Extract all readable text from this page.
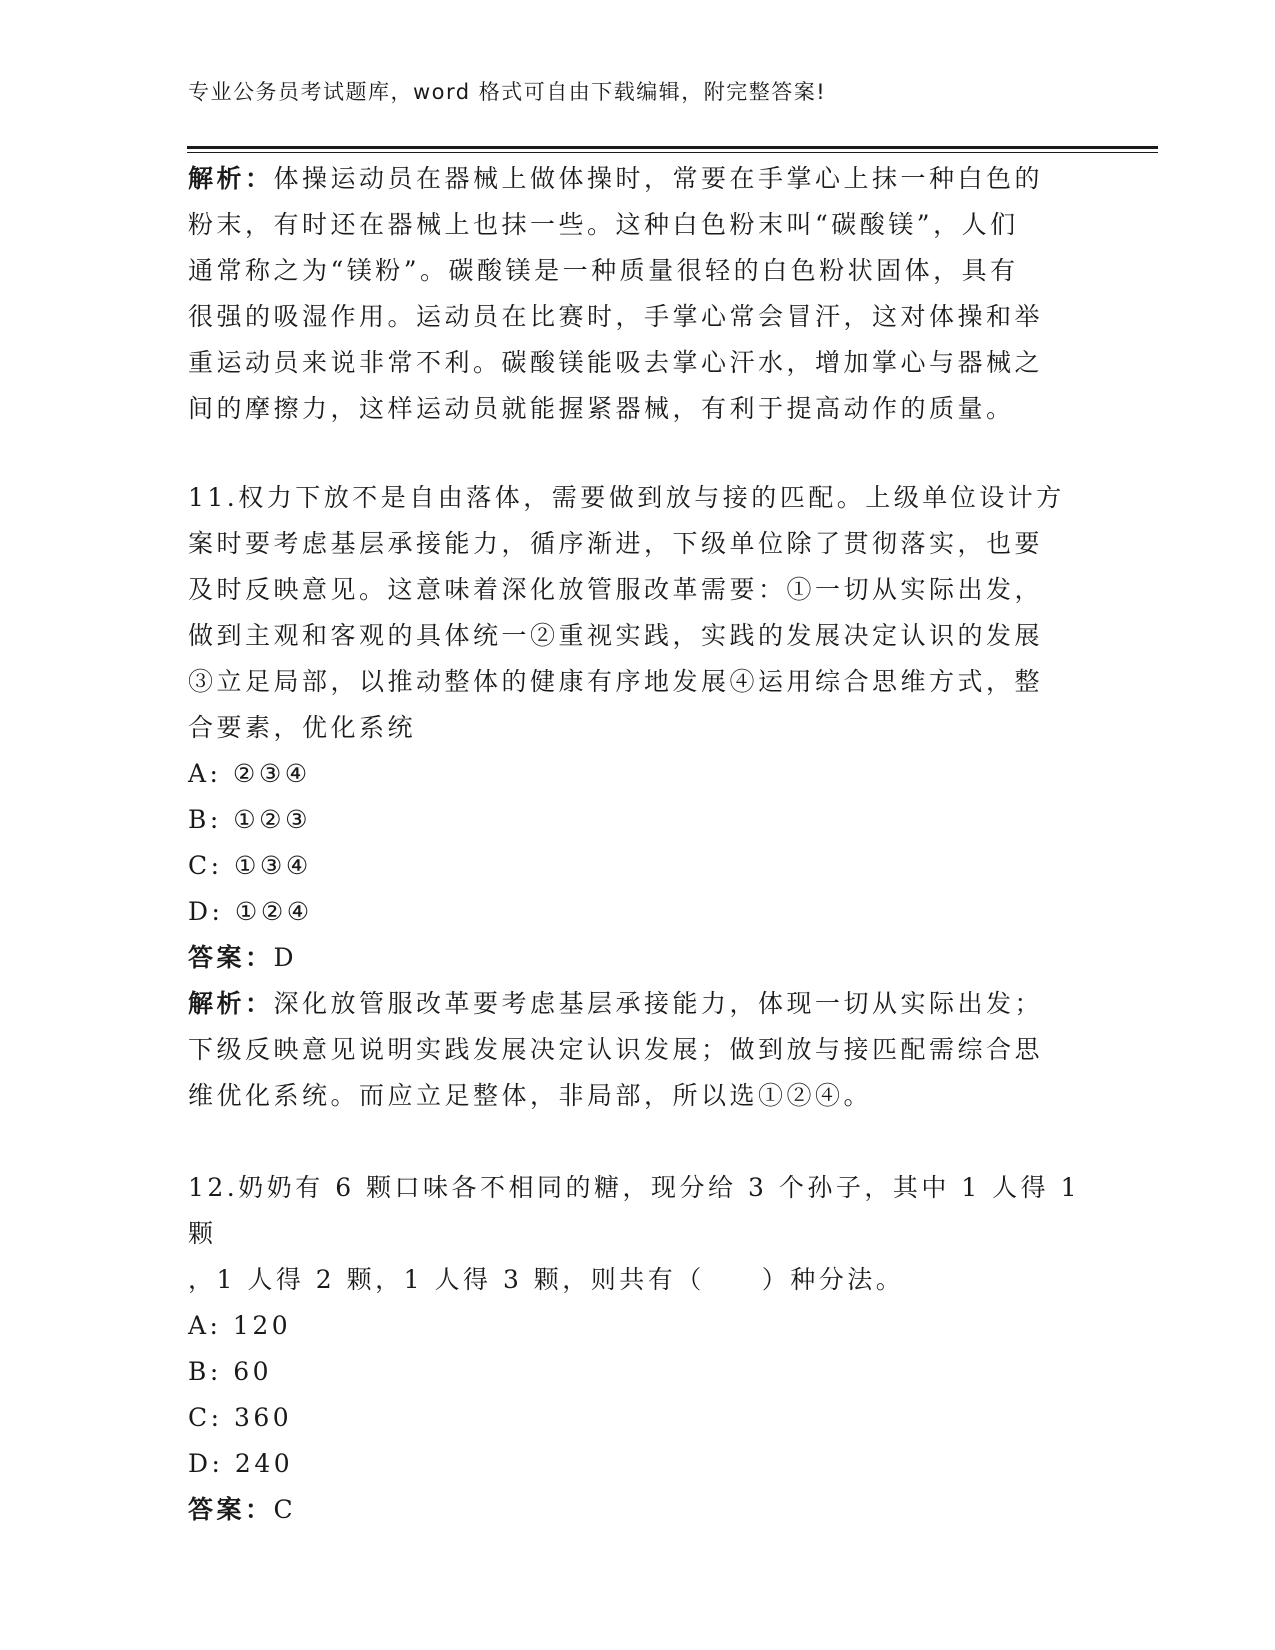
专业公务员考试题库，word 格式可自由下载编辑，附完整答案!

解析：体操运动员在器械上做体操时，常要在手掌心上抹一种白色的

粉末，有时还在器械上也抹一些。这种白色粉末叫“碳酸镁”，人们

通常称之为“镁粉”。碳酸镁是一种质量很轻的白色粉状固体，具有

很强的吸湿作用。运动员在比赛时，手掌心常会冒汗，这对体操和举

重运动员来说非常不利。碳酸镁能吸去掌心汗水，增加掌心与器械之

间的摩擦力，这样运动员就能握紧器械，有利于提高动作的质量。

11.权力下放不是自由落体，需要做到放与接的匹配。上级单位设计方

案时要考虑基层承接能力，循序渐进，下级单位除了贯彻落实，也要

及时反映意见。这意味着深化放管服改革需要：①一切从实际出发，

做到主观和客观的具体统一②重视实践，实践的发展决定认识的发展

③立足局部，以推动整体的健康有序地发展④运用综合思维方式，整

合要素，优化系统

A: ②③④

B: ①②③

C: ①③④

D: ①②④

答案：D

解析：深化放管服改革要考虑基层承接能力，体现一切从实际出发；

下级反映意见说明实践发展决定认识发展；做到放与接匹配需综合思

维优化系统。而应立足整体，非局部，所以选①②④。

12.奶奶有 6 颗口味各不相同的糖，现分给 3 个孙子，其中 1 人得 1 颗

，1 人得 2 颗，1 人得 3 颗，则共有（　　）种分法。

A: 120

B: 60

C: 360

D: 240

答案：C
